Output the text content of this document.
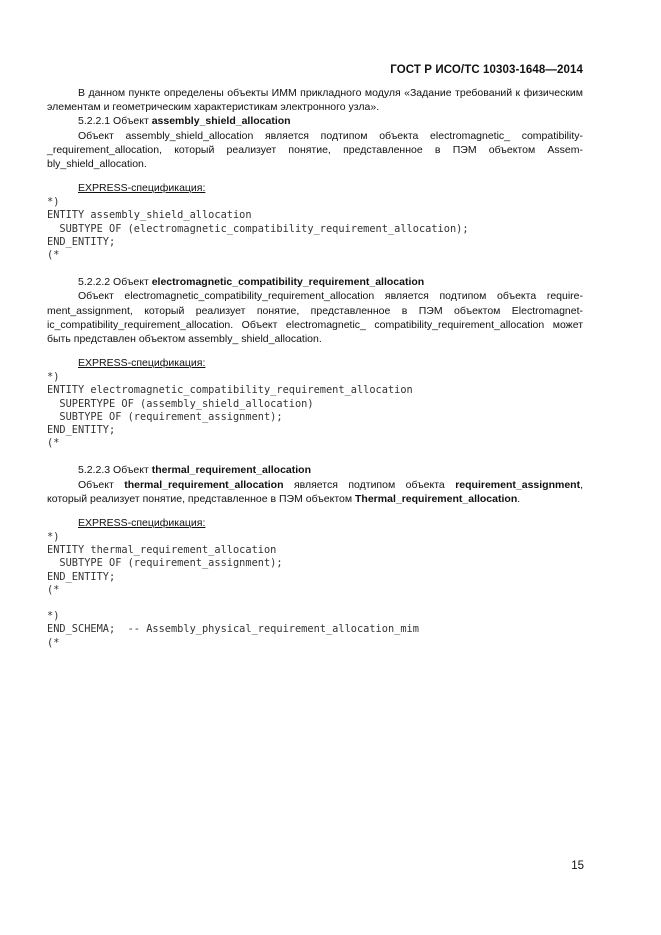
ГОСТ Р ИСО/ТС 10303-1648—2014

В данном пункте определены объекты ИММ прикладного модуля «Задание требований к физическим элементам и геометрическим характеристикам электронного узла».

5.2.2.1 Объект assembly_shield_allocation

Объект assembly_shield_allocation является подтипом объекта electromagnetic_ compatibility-_requirement_allocation, который реализует понятие, представленное в ПЭМ объектом Assem-bly_shield_allocation.

EXPRESS-спецификация:
*)
ENTITY assembly_shield_allocation
SUBTYPE OF (electromagnetic_compatibility_requirement_allocation);
END_ENTITY;
(*
5.2.2.2 Объект electromagnetic_compatibility_requirement_allocation

Объект electromagnetic_compatibility_requirement_allocation является подтипом объекта require-ment_assignment, который реализует понятие, представленное в ПЭМ объектом Electromagnet-ic_compatibility_requirement_allocation. Объект electromagnetic_ compatibility_requirement_allocation может быть представлен объектом assembly_ shield_allocation.

EXPRESS-спецификация:
*)
ENTITY electromagnetic_compatibility_requirement_allocation
SUPERTYPE OF (assembly_shield_allocation)
SUBTYPE OF (requirement_assignment);
END_ENTITY;
(*
5.2.2.3 Объект thermal_requirement_allocation

Объект thermal_requirement_allocation является подтипом объекта requirement_assignment, который реализует понятие, представленное в ПЭМ объектом Thermal_requirement_allocation.

EXPRESS-спецификация:
*)
ENTITY thermal_requirement_allocation
SUBTYPE OF (requirement_assignment);
END_ENTITY;
(*
*)
END_SCHEMA;  -- Assembly_physical_requirement_allocation_mim
(*
15
